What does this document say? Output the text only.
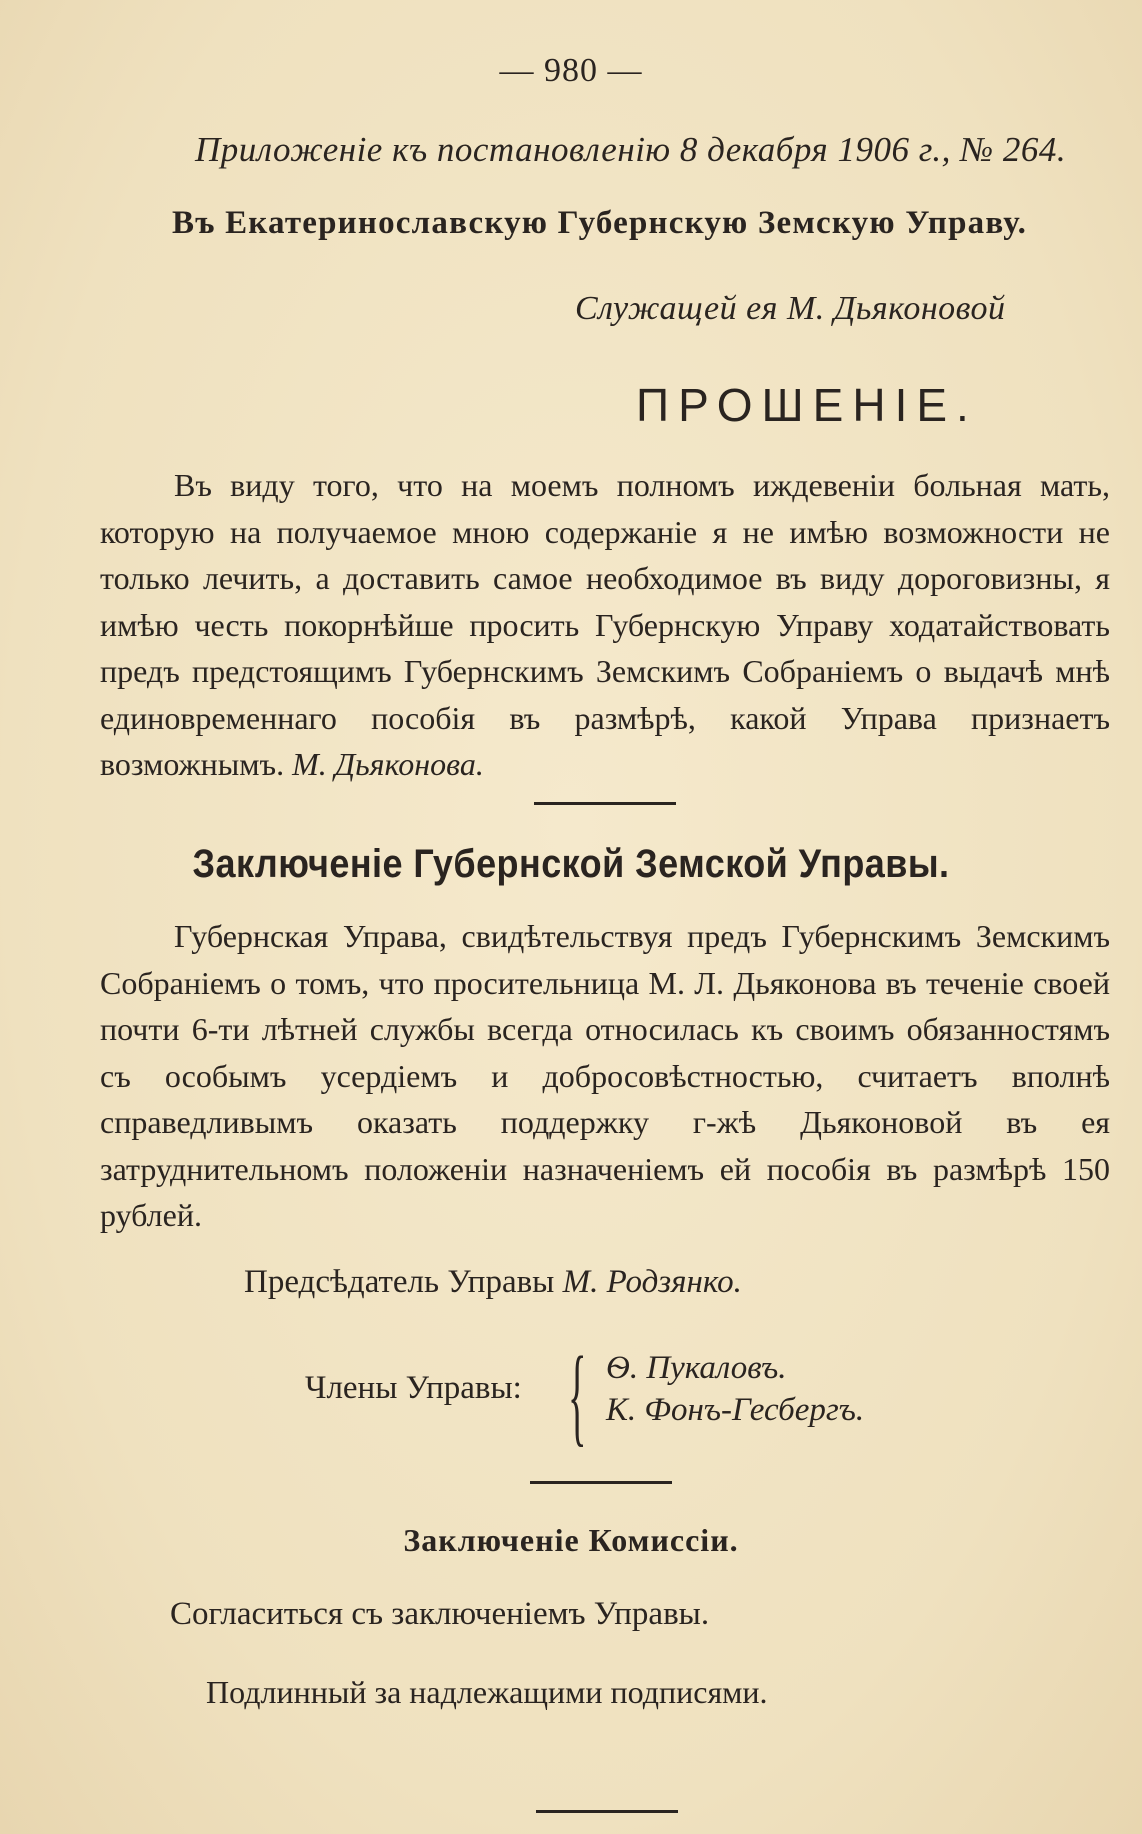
— 980 —
Приложеніе къ постановленію 8 декабря 1906 г., № 264.
Въ Екатеринославскую Губернскую Земскую Управу.
Служащей ея М. Дьяконовой
ПРОШЕНІЕ.

Въ виду того, что на моемъ полномъ иждевеніи больная мать, которую на получаемое мною содержаніе я не имѣю возможности не только лечить, а доставить самое необходимое въ виду дороговизны, я имѣю честь покорнѣйше просить Губернскую Управу ходатайствовать предъ предстоящимъ Губернскимъ Земскимъ Собраніемъ о выдачѣ мнѣ единовременнаго пособія въ размѣрѣ, какой Управа признаетъ возможнымъ. М. Дьяконова.

Заключеніе Губернской Земской Управы.

Губернская Управа, свидѣтельствуя предъ Губернскимъ Земскимъ Собраніемъ о томъ, что просительница М. Л. Дьяконова въ теченіе своей почти 6-ти лѣтней службы всегда относилась къ своимъ обязанностямъ съ особымъ усердіемъ и добросовѣстностью, считаетъ вполнѣ справедливымъ оказать поддержку г-жѣ Дьяконовой въ ея затруднительномъ положеніи назначеніемъ ей пособія въ размѣрѣ 150 рублей.

Предсѣдатель Управы М. Родзянко.
Члены Управы: { Ѳ. Пукаловъ.
К. Фонъ-Гесбергъ.
Заключеніе Комиссіи.
Согласиться съ заключеніемъ Управы.
Подлинный за надлежащими подписями.
